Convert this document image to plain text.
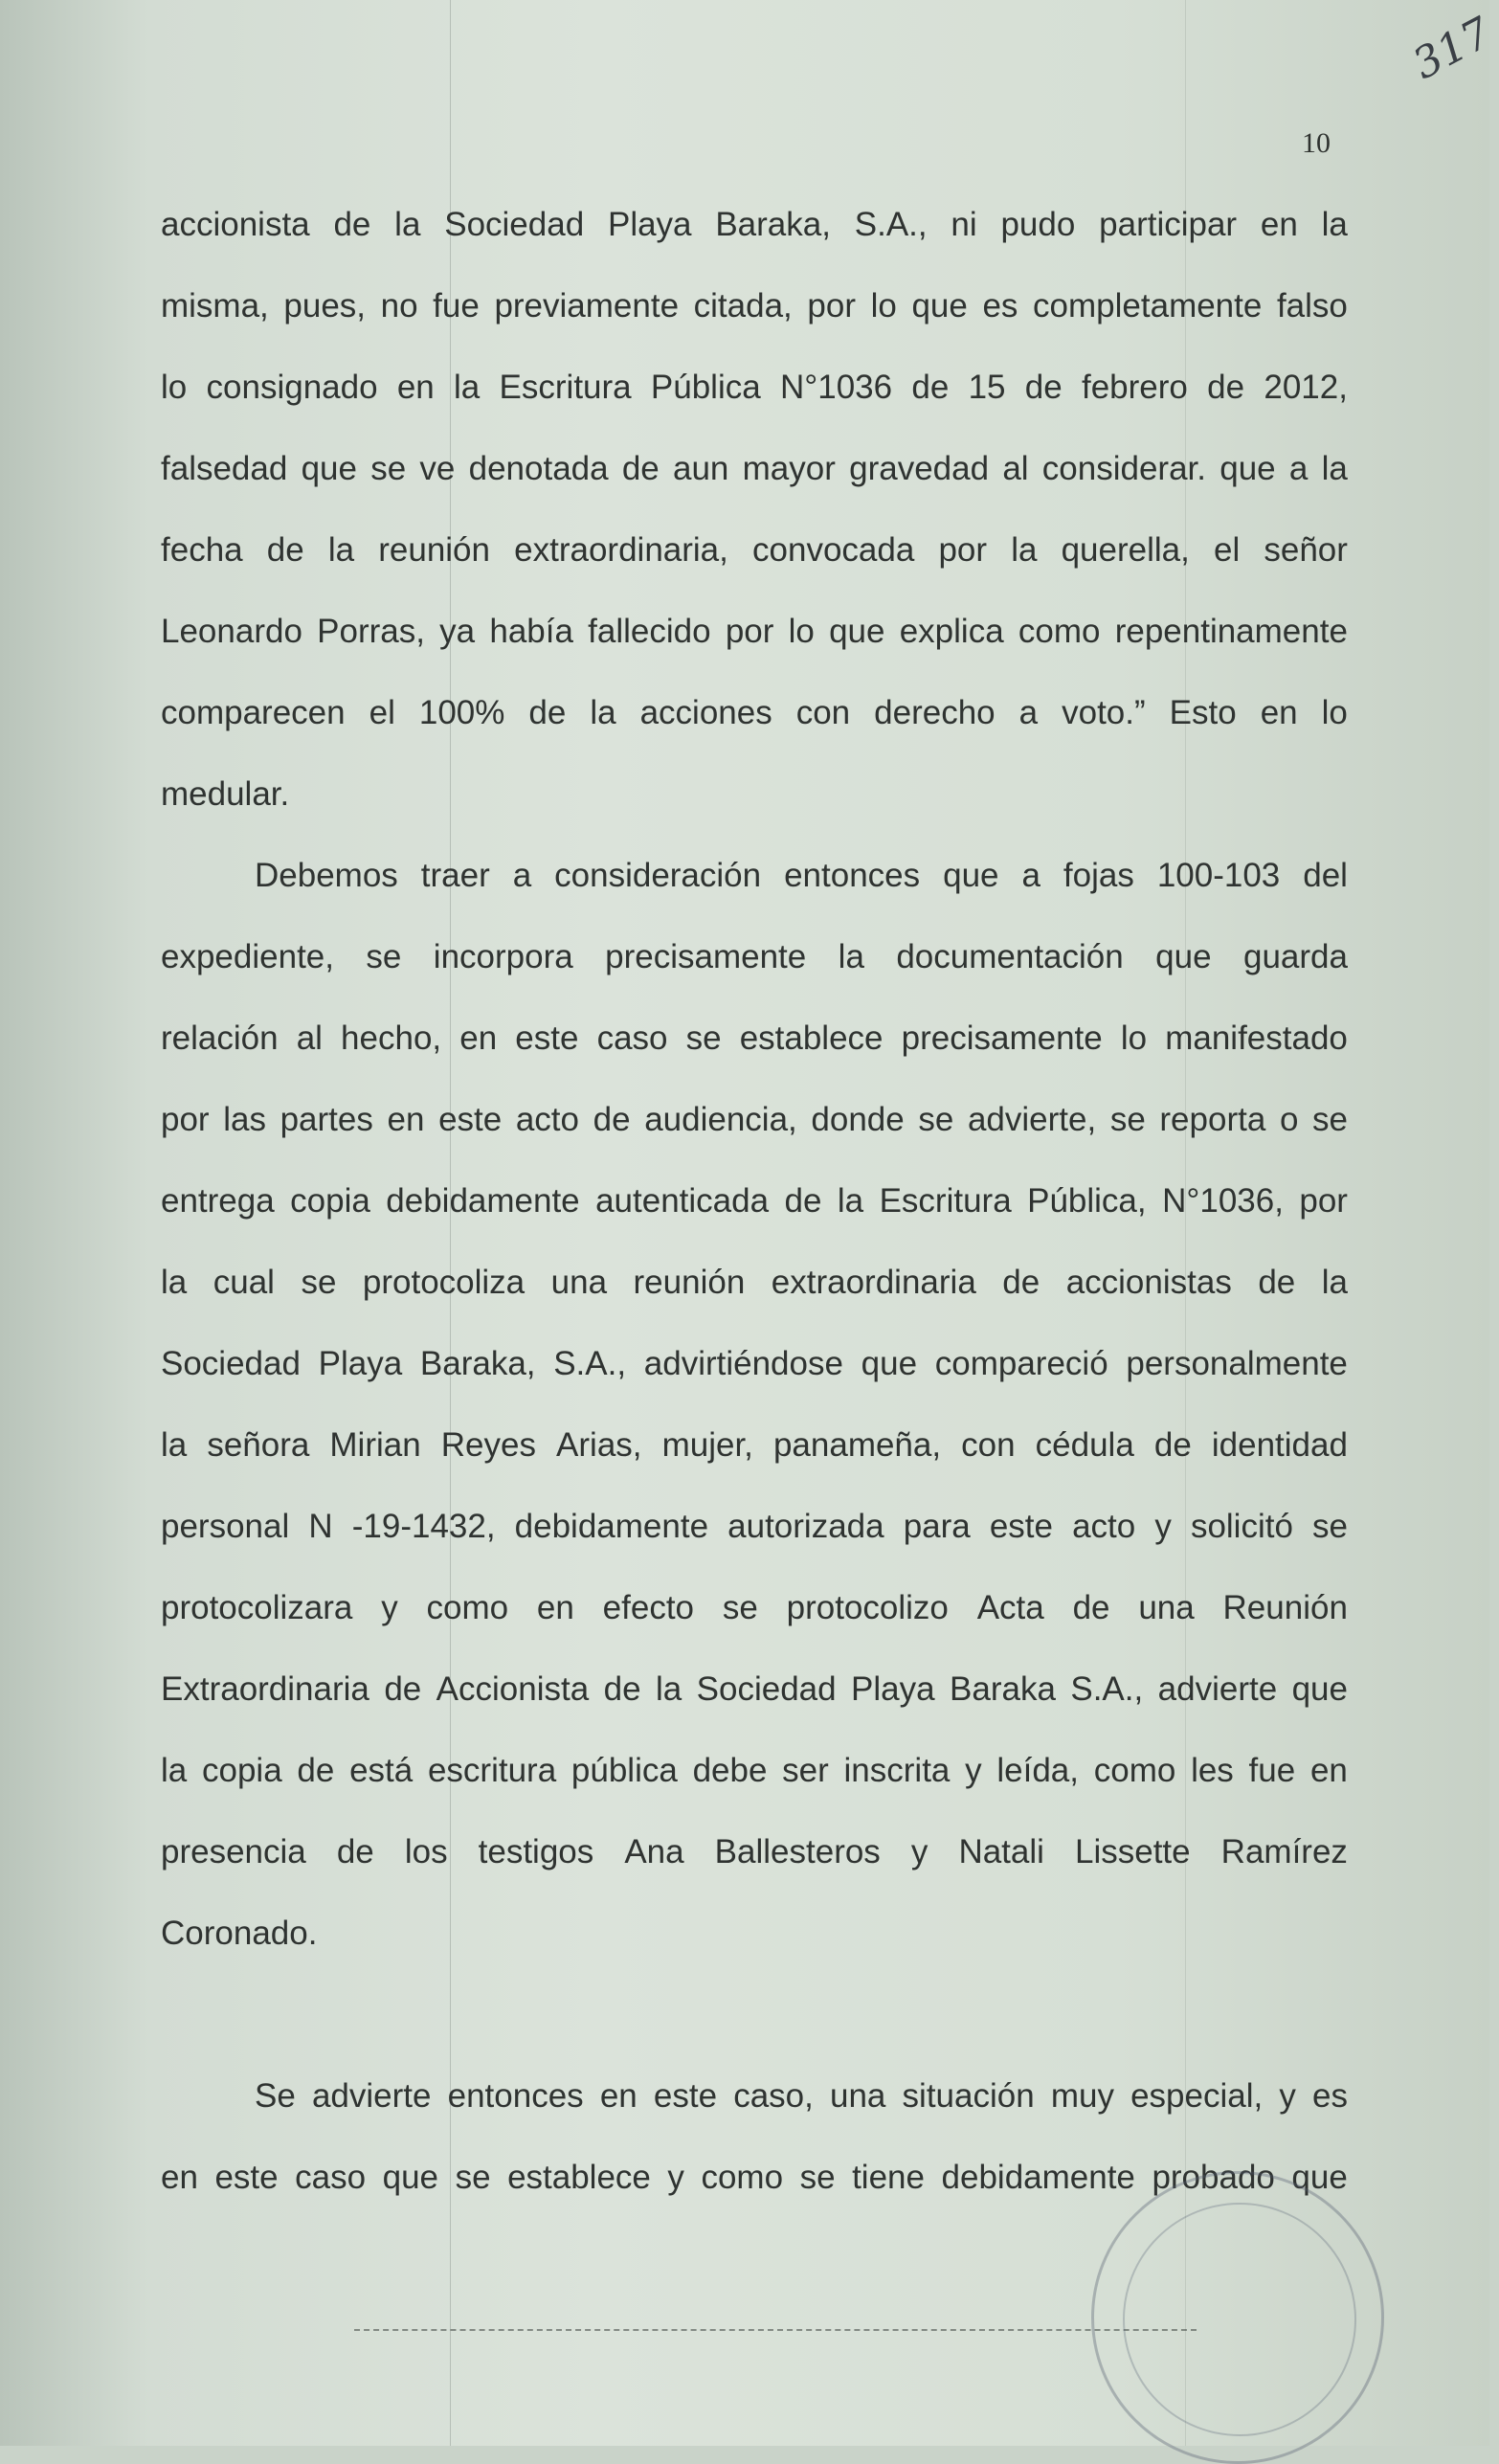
317
10
accionista de la Sociedad Playa Baraka, S.A., ni pudo participar en la
misma, pues, no fue previamente citada, por lo que es completamente falso
lo consignado en la Escritura Pública N°1036 de 15 de febrero de 2012,
falsedad que se ve denotada de aun mayor gravedad al considerar. que a la
fecha de la reunión extraordinaria, convocada por la querella, el señor
Leonardo Porras, ya había fallecido por lo que explica como repentinamente
comparecen el 100% de la acciones con derecho a voto.” Esto en lo
medular.
Debemos traer a consideración entonces que a fojas 100-103 del
expediente, se incorpora precisamente la documentación que guarda
relación al hecho, en este caso se establece precisamente lo manifestado
por las partes en este acto de audiencia, donde se advierte, se reporta o se
entrega copia debidamente autenticada de la Escritura Pública, N°1036, por
la cual se protocoliza una reunión extraordinaria de accionistas de la
Sociedad Playa Baraka, S.A., advirtiéndose que compareció personalmente
la señora Mirian Reyes Arias, mujer, panameña, con cédula de identidad
personal N -19-1432, debidamente autorizada para este acto y solicitó se
protocolizara y como en efecto se protocolizo Acta de una Reunión
Extraordinaria de Accionista de la Sociedad Playa Baraka S.A., advierte que
la copia de está escritura pública debe ser inscrita y leída, como les fue en
presencia de los testigos Ana Ballesteros y Natali Lissette Ramírez
Coronado.
Se advierte entonces en este caso, una situación muy especial, y es
en este caso que se establece y como se tiene debidamente probado que
